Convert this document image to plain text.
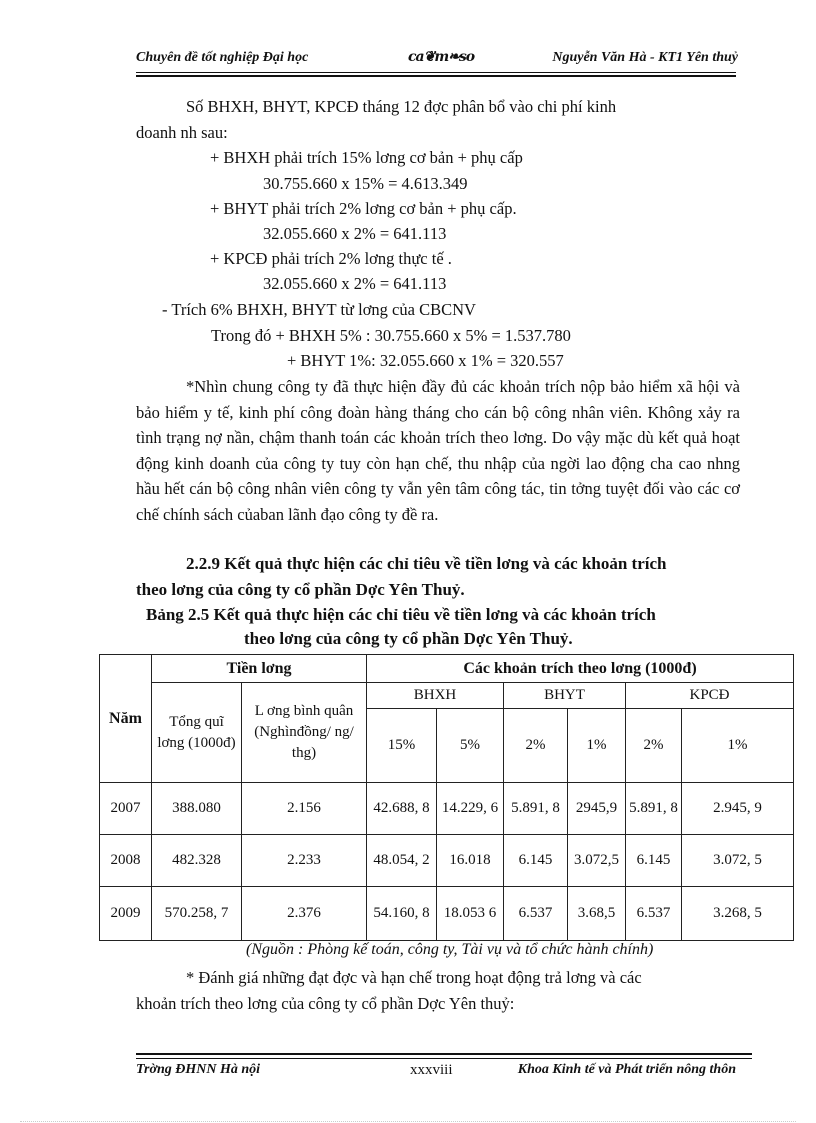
Chuyên đề tốt nghiệp Đại học	ca❦m❧so	Nguyễn Văn Hà - KT1 Yên thuỷ
Số BHXH, BHYT, KPCĐ tháng 12 đợc phân bổ vào chi phí kinh
doanh nh sau:
+ BHXH phải trích 15% lơng cơ bản + phụ cấp
30.755.660 x 15% = 4.613.349
+ BHYT phải trích 2% lơng cơ bản + phụ cấp.
32.055.660 x 2% = 641.113
+ KPCĐ phải trích 2% lơng thực tế .
32.055.660 x 2% = 641.113
- Trích 6% BHXH, BHYT từ lơng của CBCNV
Trong đó + BHXH 5% : 30.755.660 x 5% = 1.537.780
+ BHYT 1%: 32.055.660 x 1% = 320.557
*Nhìn chung công ty đã thực hiện đầy đủ các khoản trích nộp bảo hiểm xã hội và bảo hiểm y tế, kinh phí công đoàn hàng tháng cho cán bộ công nhân viên. Không xảy ra tình trạng nợ nần, chậm thanh toán các khoản trích theo lơng. Do vậy mặc dù kết quả hoạt động kinh doanh của công ty tuy còn hạn chế, thu nhập của ngời lao động cha cao nhng hầu hết cán bộ công nhân viên công ty vẫn yên tâm công tác, tin tởng tuyệt đối vào các cơ chế chính sách củaban lãnh đạo công ty đề ra.
2.2.9 Kết quả thực hiện các chỉ tiêu về tiền lơng và các khoản trích
theo lơng của công ty cổ phần Dợc Yên Thuỷ.
Bảng 2.5 Kết quả thực hiện các chỉ tiêu về tiền lơng và các khoản trích
theo lơng của công ty cổ phần Dợc Yên Thuỷ.
Năm	Tiền lơng		Các khoản trích theo lơng (1000đ)					
	Tổng quĩ lơng (1000đ)	L ơng bình quân (Nghìnđồng/ ng/ thg)	BHXH		BHYT		KPCĐ	
			15%	5%	2%	1%	2%	1%
2007	388.080	2.156	42.688, 8	14.229, 6	5.891, 8	2945,9	5.891, 8	2.945, 9
2008	482.328	2.233	48.054, 2	16.018	6.145	3.072,5	6.145	3.072, 5
2009	570.258, 7	2.376	54.160, 8	18.053 6	6.537	3.68,5	6.537	3.268, 5
(Nguồn : Phòng kế toán, công ty, Tài vụ và tổ chức hành chính)
* Đánh giá những đạt đợc và hạn chế trong hoạt động trả lơng và các
khoản trích theo lơng của công ty cổ phần Dợc Yên thuỷ:
Trờng ĐHNN Hà nội	xxxviii	Khoa Kinh tế và Phát triển nông thôn
